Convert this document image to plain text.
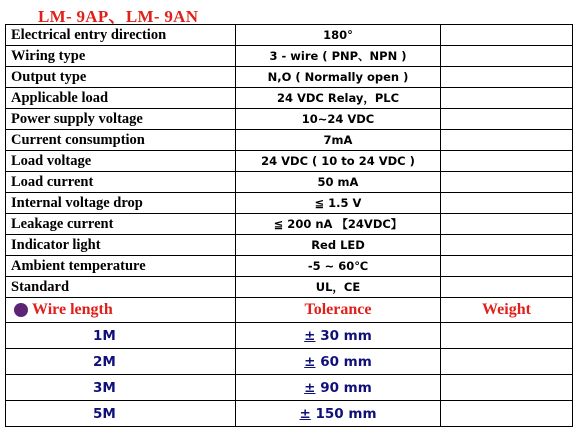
LM- 9AP、LM- 9AN
Electrical entry direction	180°	
Wiring type	3 - wire ( PNP、NPN )	
Output type	N,O ( Normally open )	
Applicable load	24 VDC Relay，PLC	
Power supply voltage	10~24 VDC	
Current consumption	7mA	
Load voltage	24 VDC ( 10 to 24 VDC )	
Load current	50 mA	
Internal voltage drop	≦ 1.5 V	
Leakage current	≦ 200 nA 【24VDC】	
Indicator light	Red LED	
Ambient temperature	-5 ~ 60℃	
Standard	UL，CE	

Wire length	Tolerance	Weight
1M	± 30 mm	
2M	± 60 mm	
3M	± 90 mm	
5M	± 150 mm	
